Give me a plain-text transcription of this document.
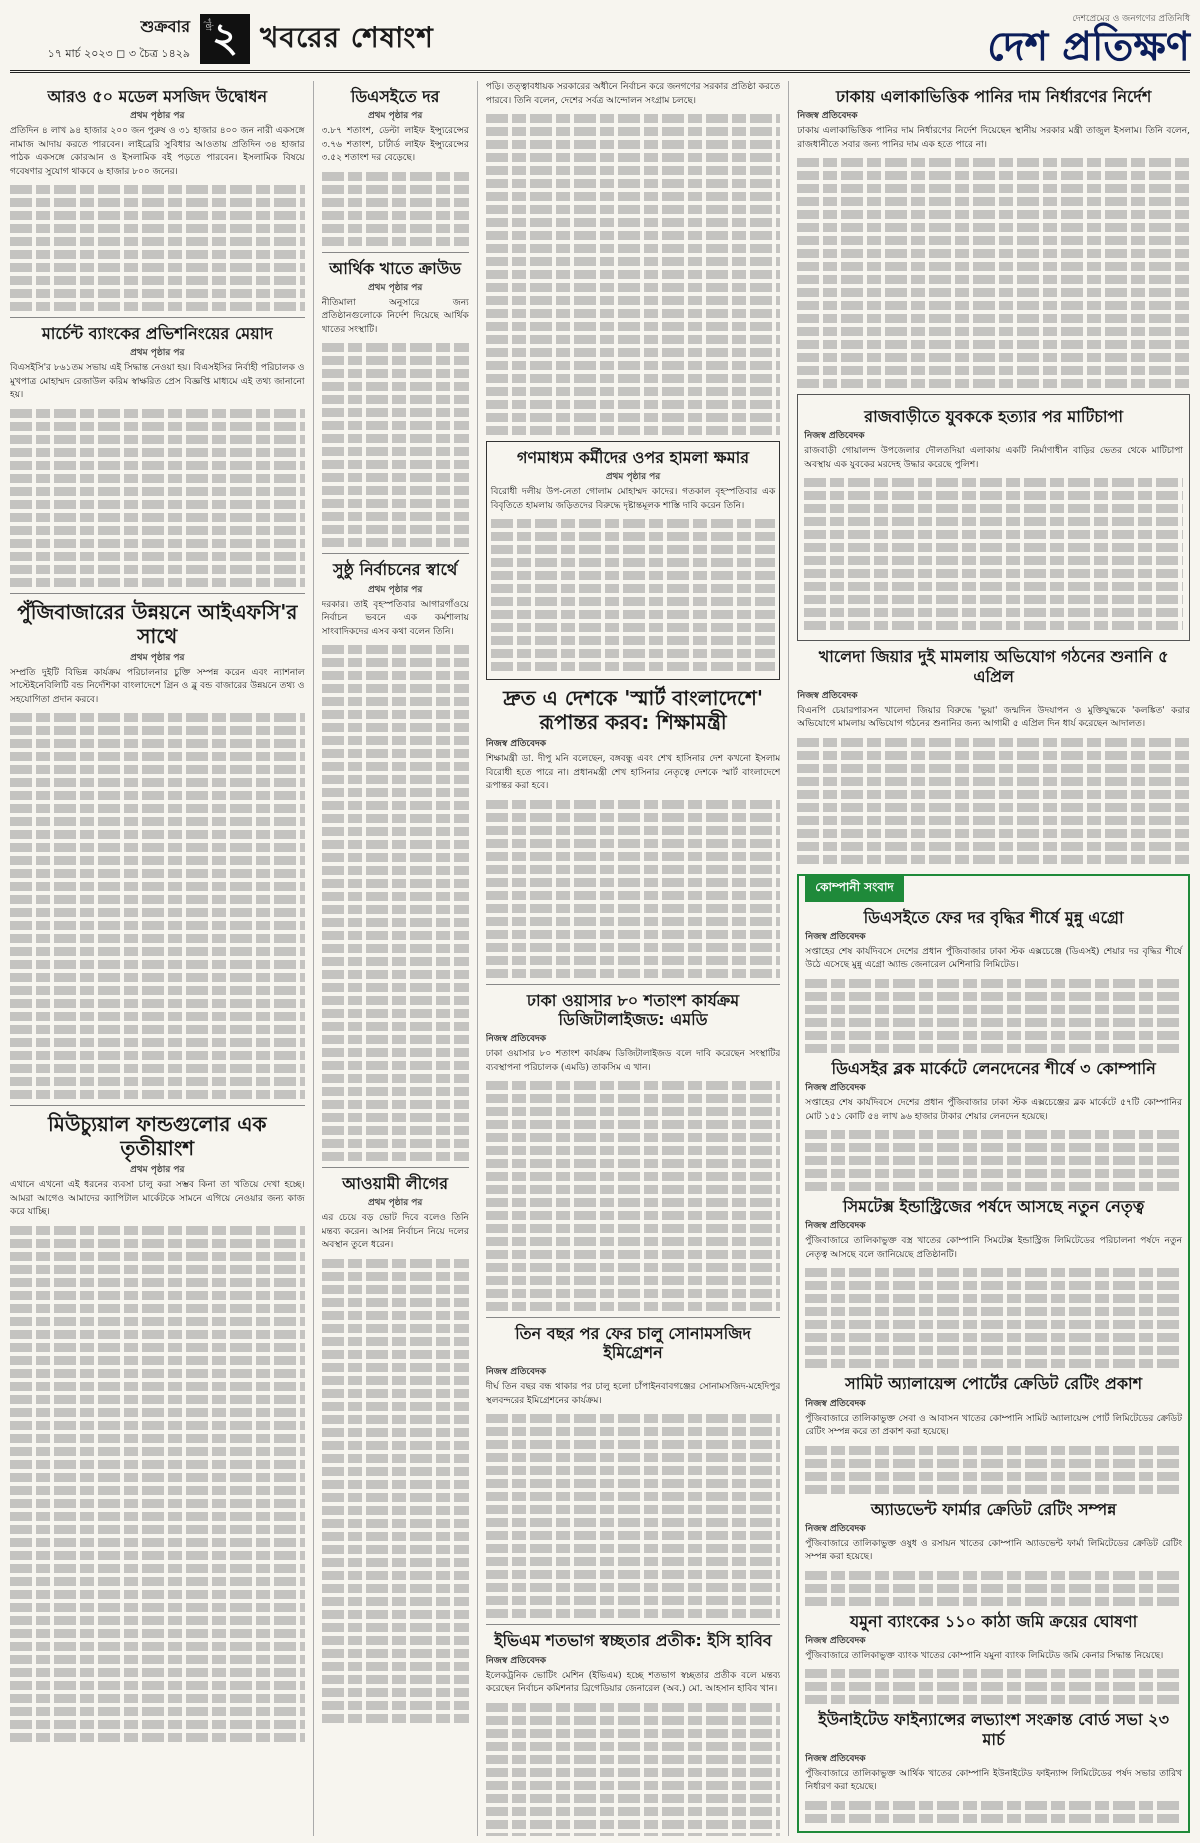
শুক্রবার
১৭ মার্চ ২০২৩ ◻ ৩ চৈত্র ১৪২৯
পৃষ্ঠা
২ খবরের শেষাংশ
দেশপ্রেমের ও জনগণের প্রতিনিধি
দেশ প্রতিক্ষণ
আরও ৫০ মডেল মসজিদ উদ্বোধন
প্রথম পৃষ্ঠার পর

প্রতিদিন ৪ লাখ ৯৪ হাজার ২০০ জন পুরুষ ও ৩১ হাজার ৪০০ জন নারী একসঙ্গে নামাজ আদায় করতে পারবেন। লাইব্রেরি সুবিধার আওতায় প্রতিদিন ৩৪ হাজার পাঠক একসঙ্গে কোরআন ও ইসলামিক বই পড়তে পারবেন। ইসলামিক বিষয়ে গবেষণার সুযোগ থাকবে ৬ হাজার ৮০০ জনের।

মার্চেন্ট ব্যাংকের প্রভিশনিংয়ের মেয়াদ
প্রথম পৃষ্ঠার পর

বিএসইসি'র ৮৬১তম সভায় এই সিদ্ধান্ত নেওয়া হয়। বিএসইসির নির্বাহী পরিচালক ও মুখপাত্র মোহাম্মদ রেজাউল করিম স্বাক্ষরিত প্রেস বিজ্ঞপ্তি মাধ্যমে এই তথ্য জানানো হয়।

পুঁজিবাজারের উন্নয়নে আইএফসি'র সাথে
প্রথম পৃষ্ঠার পর

সম্প্রতি দুইটি বিভিন্ন কার্যক্রম পরিচালনার চুক্তি সম্পন্ন করেন এবং ন্যাশনাল সাস্টেইনেবিলিটি বন্ড নির্দেশিকা বাংলাদেশে গ্রিন ও ব্লু বন্ড বাজারের উন্নয়নে তথ্য ও সহযোগিতা প্রদান করবে।

মিউচ্যুয়াল ফান্ডগুলোর এক তৃতীয়াংশ
প্রথম পৃষ্ঠার পর

এখানে এখনো এই ধরনের ব্যবসা চালু করা সম্ভব কিনা তা খতিয়ে দেখা হচ্ছে। আমরা আগেও আমাদের ক্যাপিটাল মার্কেটকে সামনে এগিয়ে নেওয়ার জন্য কাজ করে যাচ্ছি।

ডিএসইতে দর
প্রথম পৃষ্ঠার পর

৩.৮৭ শতাংশ, ডেল্টা লাইফ ইন্স্যুরেন্সের ৩.৭৬ শতাংশ, চার্টার্ড লাইফ ইন্স্যুরেন্সের ৩.৫২ শতাংশ দর বেড়েছে।

আর্থিক খাতে ক্রাউড
প্রথম পৃষ্ঠার পর

নীতিমালা অনুসারে জন্য প্রতিষ্ঠানগুলোকে নির্দেশ দিয়েছে আর্থিক খাতের সংস্থাটি।

সুষ্ঠু নির্বাচনের স্বার্থে
প্রথম পৃষ্ঠার পর

দরকার। তাই বৃহস্পতিবার আগারগাঁওয়ে নির্বাচন ভবনে এক কর্মশালায় সাংবাদিকদের এসব কথা বলেন তিনি।

আওয়ামী লীগের
প্রথম পৃষ্ঠার পর

এর চেয়ে বড় ভোট দিবে বলেও তিনি মন্তব্য করেন। আসন্ন নির্বাচন নিয়ে দলের অবস্থান তুলে ধরেন।

পড়ি। তত্ত্বাবধায়ক সরকারের অধীনে নির্বাচন করে জনগণের সরকার প্রতিষ্ঠা করতে পারবে। তিনি বলেন, দেশের সর্বত্র আন্দোলন সংগ্রাম চলছে।

গণমাধ্যম কর্মীদের ওপর হামলা ক্ষমার
প্রথম পৃষ্ঠার পর

বিরোধী দলীয় উপ-নেতা গোলাম মোহাম্মদ কাদের। গতকাল বৃহস্পতিবার এক বিবৃতিতে হামলায় জড়িতদের বিরুদ্ধে দৃষ্টান্তমূলক শাস্তি দাবি করেন তিনি।

দ্রুত এ দেশকে 'স্মার্ট বাংলাদেশে' রূপান্তর করব: শিক্ষামন্ত্রী
নিজস্ব প্রতিবেদক

শিক্ষামন্ত্রী ডা. দীপু মনি বলেছেন, বঙ্গবন্ধু এবং শেখ হাসিনার দেশ কখনো ইসলাম বিরোধী হতে পারে না। প্রধানমন্ত্রী শেখ হাসিনার নেতৃত্বে দেশকে স্মার্ট বাংলাদেশে রূপান্তর করা হবে।

ঢাকা ওয়াসার ৮০ শতাংশ কার্যক্রম ডিজিটালাইজড: এমডি
নিজস্ব প্রতিবেদক

ঢাকা ওয়াসার ৮০ শতাংশ কার্যক্রম ডিজিটালাইজড বলে দাবি করেছেন সংস্থাটির ব্যবস্থাপনা পরিচালক (এমডি) তাকসিম এ খান।

তিন বছর পর ফের চালু সোনামসজিদ ইমিগ্রেশন
নিজস্ব প্রতিবেদক

দীর্ঘ তিন বছর বন্ধ থাকার পর চালু হলো চাঁপাইনবাবগঞ্জের সোনামসজিদ-মহেদিপুর স্থলবন্দরের ইমিগ্রেশনের কার্যক্রম।

ইভিএম শতভাগ স্বচ্ছতার প্রতীক: ইসি হাবিব
নিজস্ব প্রতিবেদক

ইলেকট্রনিক ভোটিং মেশিন (ইভিএম) হচ্ছে শতভাগ স্বচ্ছতার প্রতীক বলে মন্তব্য করেছেন নির্বাচন কমিশনার ব্রিগেডিয়ার জেনারেল (অব.) মো. আহসান হাবিব খান।

ঢাকায় এলাকাভিত্তিক পানির দাম নির্ধারণের নির্দেশ
নিজস্ব প্রতিবেদক

ঢাকায় এলাকাভিত্তিক পানির দাম নির্ধারণের নির্দেশ দিয়েছেন স্থানীয় সরকার মন্ত্রী তাজুল ইসলাম। তিনি বলেন, রাজধানীতে সবার জন্য পানির দাম এক হতে পারে না।

রাজবাড়ীতে যুবককে হত্যার পর মাটিচাপা
নিজস্ব প্রতিবেদক

রাজবাড়ী গোয়ালন্দ উপজেলার দৌলতদিয়া এলাকায় একটি নির্মাণাধীন বাড়ির ভেতর থেকে মাটিচাপা অবস্থায় এক যুবকের মরদেহ উদ্ধার করেছে পুলিশ।

খালেদা জিয়ার দুই মামলায় অভিযোগ গঠনের শুনানি ৫ এপ্রিল
নিজস্ব প্রতিবেদক

বিএনপি চেয়ারপারসন খালেদা জিয়ার বিরুদ্ধে 'ভুয়া' জন্মদিন উদযাপন ও মুক্তিযুদ্ধকে 'কলঙ্কিত' করার অভিযোগে মামলায় অভিযোগ গঠনের শুনানির জন্য আগামী ৫ এপ্রিল দিন ধার্য করেছেন আদালত।

কোম্পানী সংবাদ
ডিএসইতে ফের দর বৃদ্ধির শীর্ষে মুন্নু এগ্রো
নিজস্ব প্রতিবেদক

সপ্তাহের শেষ কার্যদিবসে দেশের প্রধান পুঁজিবাজার ঢাকা স্টক এক্সচেঞ্জে (ডিএসই) শেয়ার দর বৃদ্ধির শীর্ষে উঠে এসেছে মুন্নু এগ্রো অ্যান্ড জেনারেল মেশিনারি লিমিটেড।

ডিএসইর ব্লক মার্কেটে লেনদেনের শীর্ষে ৩ কোম্পানি
নিজস্ব প্রতিবেদক

সপ্তাহের শেষ কার্যদিবসে দেশের প্রধান পুঁজিবাজার ঢাকা স্টক এক্সচেঞ্জের ব্লক মার্কেটে ৫৭টি কোম্পানির মোট ১৫১ কোটি ৫৪ লাখ ৯৬ হাজার টাকার শেয়ার লেনদেন হয়েছে।

সিমটেক্স ইন্ডাস্ট্রিজের পর্ষদে আসছে নতুন নেতৃত্ব
নিজস্ব প্রতিবেদক

পুঁজিবাজারে তালিকাভুক্ত বস্ত্র খাতের কোম্পানি সিমটেক্স ইন্ডাস্ট্রিজ লিমিটেডের পরিচালনা পর্ষদে নতুন নেতৃত্ব আসছে বলে জানিয়েছে প্রতিষ্ঠানটি।

সামিট অ্যালায়েন্স পোর্টের ক্রেডিট রেটিং প্রকাশ
নিজস্ব প্রতিবেদক

পুঁজিবাজারে তালিকাভুক্ত সেবা ও আবাসন খাতের কোম্পানি সামিট অ্যালায়েন্স পোর্ট লিমিটেডের ক্রেডিট রেটিং সম্পন্ন করে তা প্রকাশ করা হয়েছে।

অ্যাডভেন্ট ফার্মার ক্রেডিট রেটিং সম্পন্ন
নিজস্ব প্রতিবেদক

পুঁজিবাজারে তালিকাভুক্ত ওষুধ ও রসায়ন খাতের কোম্পানি অ্যাডভেন্ট ফার্মা লিমিটেডের ক্রেডিট রেটিং সম্পন্ন করা হয়েছে।

যমুনা ব্যাংকের ১১০ কাঠা জমি ক্রয়ের ঘোষণা
নিজস্ব প্রতিবেদক

পুঁজিবাজারে তালিকাভুক্ত ব্যাংক খাতের কোম্পানি যমুনা ব্যাংক লিমিটেড জমি কেনার সিদ্ধান্ত নিয়েছে।

ইউনাইটেড ফাইন্যান্সের লভ্যাংশ সংক্রান্ত বোর্ড সভা ২৩ মার্চ
নিজস্ব প্রতিবেদক

পুঁজিবাজারে তালিকাভুক্ত আর্থিক খাতের কোম্পানি ইউনাইটেড ফাইন্যান্স লিমিটেডের পর্ষদ সভার তারিখ নির্ধারণ করা হয়েছে।
